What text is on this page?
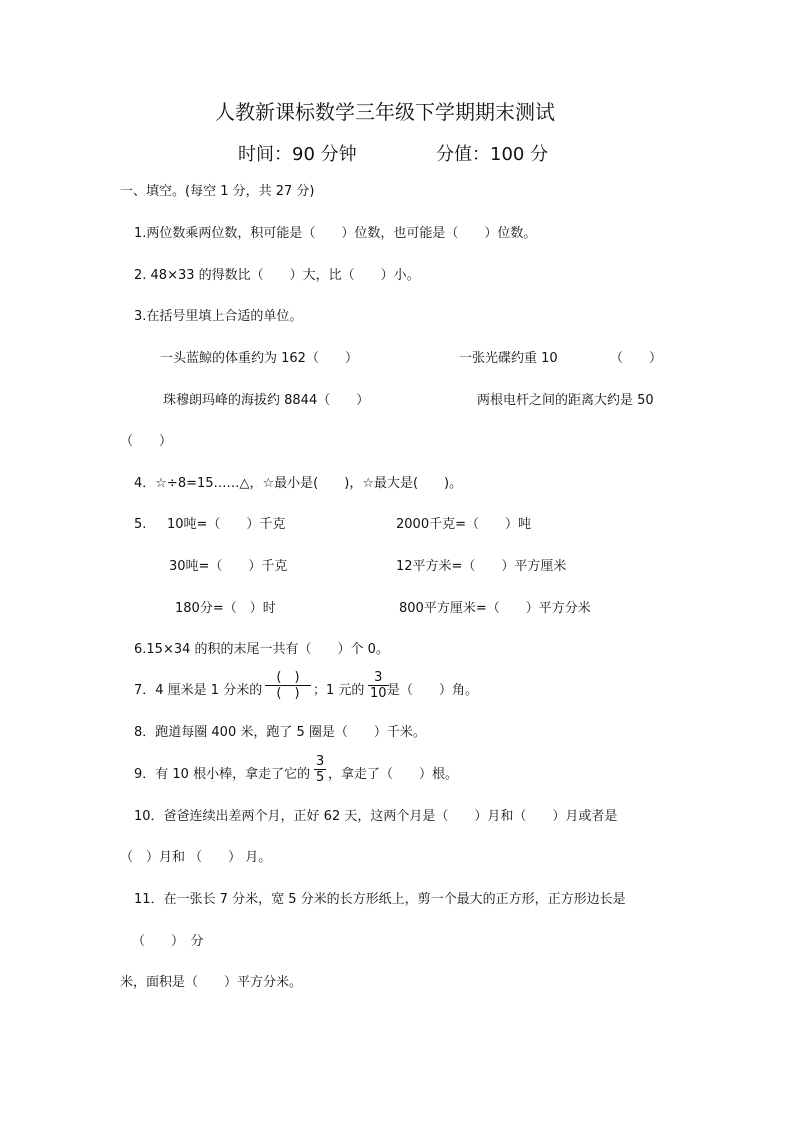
人教新课标数学三年级下学期期末测试
时间：90 分钟	分值：100 分
一、填空。(每空 1 分，共 27 分)
1.两位数乘两位数，积可能是（　　）位数，也可能是（　　）位数。
2. 48×33 的得数比（　　）大，比（　　）小。
3.在括号里填上合适的单位。
一头蓝鲸的体重约为 162（　　）	一张光碟约重 10	（　　）
珠穆朗玛峰的海拔约 8844（　　）	两根电杆之间的距离大约是 50
（　　）
4．☆÷8=15……△，☆最小是(　　)，☆最大是(　　)。
5. 10吨=（　　）千克	2000千克=（　　）吨
30吨=（　　）千克	12平方米=（　　）平方厘米
180分=（　）时	800平方厘米=（　　）平方分米
6.15×34 的积的末尾一共有（　　）个 0。
7．4 厘米是 1 分米的
(　)
(　) ；1 元的
3
10 是（　　）角。
8．跑道每圈 400 米，跑了 5 圈是（　　）千米。
9．有 10 根小棒，拿走了它的
3
5 ，拿走了（　　）根。
10．爸爸连续出差两个月，正好 62 天，这两个月是（　　）月和（　　）月或者是
（　）月和 （　　） 月。
11．在一张长 7 分米，宽 5 分米的长方形纸上，剪一个最大的正方形，正方形边长是
（　　）　分
米，面积是（　　）平方分米。
